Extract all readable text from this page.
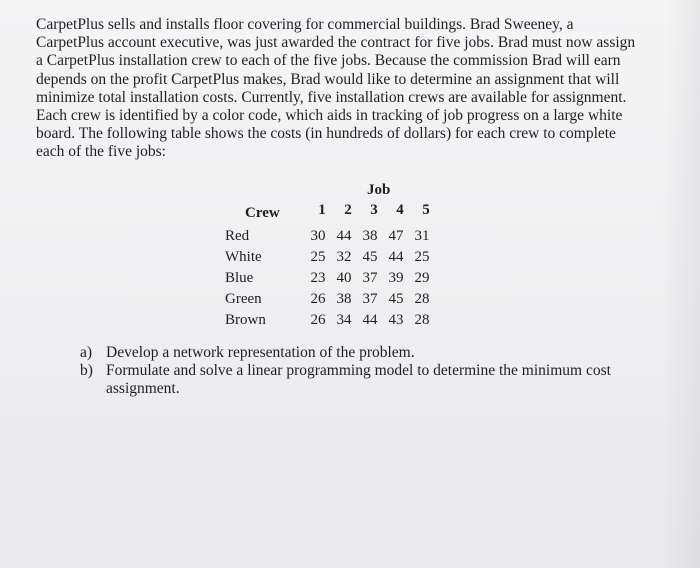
CarpetPlus sells and installs floor covering for commercial buildings. Brad Sweeney, a
CarpetPlus account executive, was just awarded the contract for five jobs. Brad must now assign
a CarpetPlus installation crew to each of the five jobs. Because the commission Brad will earn
depends on the profit CarpetPlus makes, Brad would like to determine an assignment that will
minimize total installation costs. Currently, five installation crews are available for assignment.
Each crew is identified by a color code, which aids in tracking of job progress on a large white
board. The following table shows the costs (in hundreds of dollars) for each crew to complete
each of the five jobs:
Job
Crew	1	2	3	4	5
Red	30 44 38 47 31
White	25 32 45 44 25
Blue	23 40 37 39 29
Green	26 38 37 45 28
Brown	26 34 44 43 28
a) Develop a network representation of the problem.
b) Formulate and solve a linear programming model to determine the minimum cost assignment.
